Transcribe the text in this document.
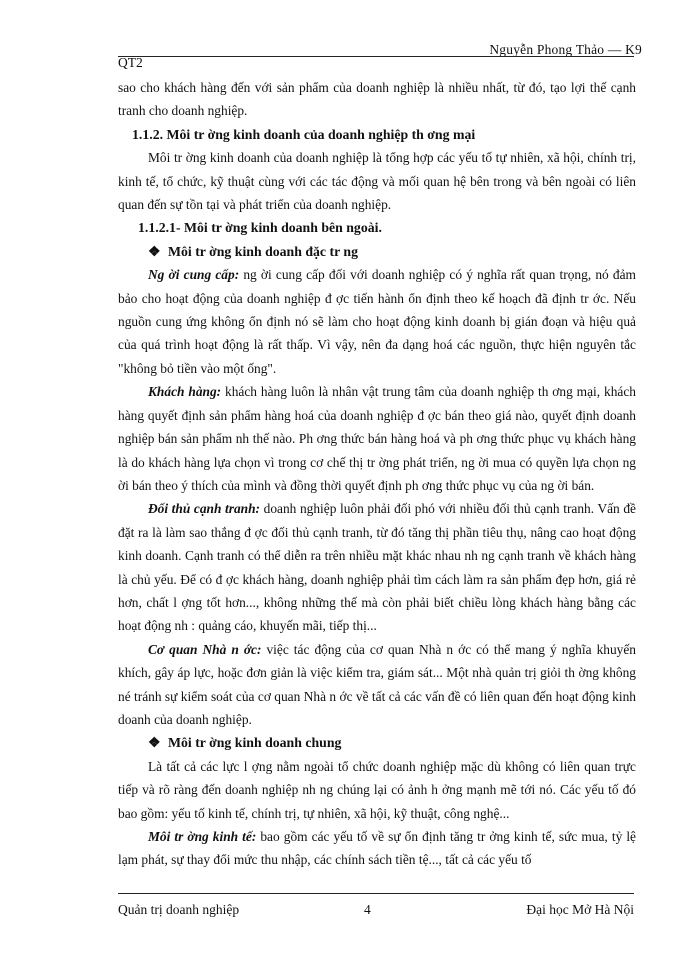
Nguyễn Phong Thảo — K9
QT2

sao cho khách hàng đến với sản phẩm của doanh nghiệp là nhiều nhất, từ đó, tạo lợi thế cạnh tranh cho doanh nghiệp.

1.1.2. Môi tr ờng kinh doanh của doanh nghiệp th ơng mại

Môi tr ờng kinh doanh của doanh nghiệp là tổng hợp các yếu tố tự nhiên, xã hội, chính trị, kinh tế, tổ chức, kỹ thuật cùng với các tác động và mối quan hệ bên trong và bên ngoài có liên quan đến sự tồn tại và phát triển của doanh nghiệp.

1.1.2.1- Môi tr ờng kinh doanh bên ngoài.

❖ Môi tr ờng kinh doanh đặc tr ng

Ng ời cung cấp: ng ời cung cấp đối với doanh nghiệp có ý nghĩa rất quan trọng, nó đảm bảo cho hoạt động của doanh nghiệp đ ợc tiến hành ổn định theo kế hoạch đã định tr ớc. Nếu nguồn cung ứng không ổn định nó sẽ làm cho hoạt động kinh doanh bị gián đoạn và hiệu quả của quá trình hoạt động là rất thấp. Vì vậy, nên đa dạng hoá các nguồn, thực hiện nguyên tắc "không bỏ tiền vào một ống".

Khách hàng: khách hàng luôn là nhân vật trung tâm của doanh nghiệp th ơng mại, khách hàng quyết định sản phẩm hàng hoá của doanh nghiệp đ ợc bán theo giá nào, quyết định doanh nghiệp bán sản phẩm nh thế nào. Ph ơng thức bán hàng hoá và ph ơng thức phục vụ khách hàng là do khách hàng lựa chọn vì trong cơ chế thị tr ờng phát triển, ng ời mua có quyền lựa chọn ng ời bán theo ý thích của mình và đồng thời quyết định ph ơng thức phục vụ của ng ời bán.

Đối thủ cạnh tranh: doanh nghiệp luôn phải đối phó với nhiều đối thủ cạnh tranh. Vấn đề đặt ra là làm sao thắng đ ợc đối thủ cạnh tranh, từ đó tăng thị phần tiêu thụ, nâng cao hoạt động kinh doanh. Cạnh tranh có thể diễn ra trên nhiều mặt khác nhau nh ng cạnh tranh về khách hàng là chủ yếu. Để có đ ợc khách hàng, doanh nghiệp phải tìm cách làm ra sản phẩm đẹp hơn, giá rẻ hơn, chất l ợng tốt hơn..., không những thế mà còn phải biết chiều lòng khách hàng bằng các hoạt động nh : quảng cáo, khuyến mãi, tiếp thị...

Cơ quan Nhà n ớc: việc tác động của cơ quan Nhà n ớc có thể mang ý nghĩa khuyến khích, gây áp lực, hoặc đơn giản là việc kiểm tra, giám sát... Một nhà quản trị giỏi th ờng không né tránh sự kiểm soát của cơ quan Nhà n ớc về tất cả các vấn đề có liên quan đến hoạt động kinh doanh của doanh nghiệp.

❖ Môi tr ờng kinh doanh chung

Là tất cả các lực l ợng nằm ngoài tổ chức doanh nghiệp mặc dù không có liên quan trực tiếp và rõ ràng đến doanh nghiệp nh ng chúng lại có ảnh h ởng mạnh mẽ tới nó. Các yếu tố đó bao gồm: yếu tố kinh tế, chính trị, tự nhiên, xã hội, kỹ thuật, công nghệ...

Môi tr ờng kinh tế: bao gồm các yếu tố về sự ổn định tăng tr ởng kinh tế, sức mua, tỷ lệ lạm phát, sự thay đổi mức thu nhập, các chính sách tiền tệ..., tất cả các yếu tố

Quản trị doanh nghiệp	4	Đại học Mở Hà Nội
